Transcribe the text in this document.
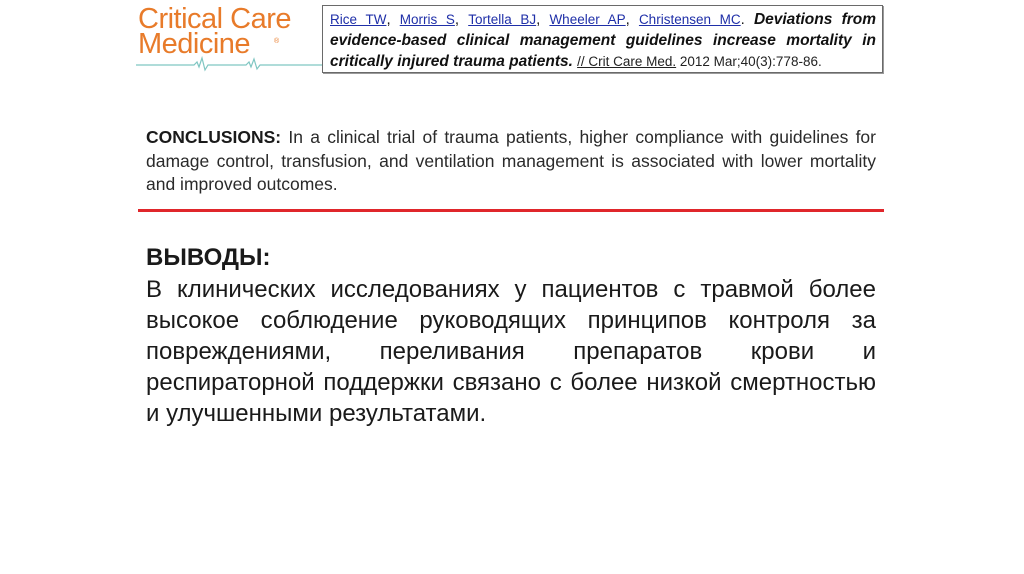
Critical Care
Medicine	®
Rice TW, Morris S, Tortella BJ, Wheeler AP, Christensen MC. Deviations from evidence-based clinical management guidelines increase mortality in critically injured trauma patients. // Crit Care Med. 2012 Mar;40(3):778-86.
CONCLUSIONS: In a clinical trial of trauma patients, higher compliance with guidelines for damage control, transfusion, and ventilation management is associated with lower mortality and improved outcomes.
ВЫВОДЫ:
В клинических исследованиях у пациентов с травмой более высокое соблюдение руководящих принципов контроля за повреждениями, переливания препаратов крови и респираторной поддержки связано с более низкой смертностью и улучшенными результатами.
